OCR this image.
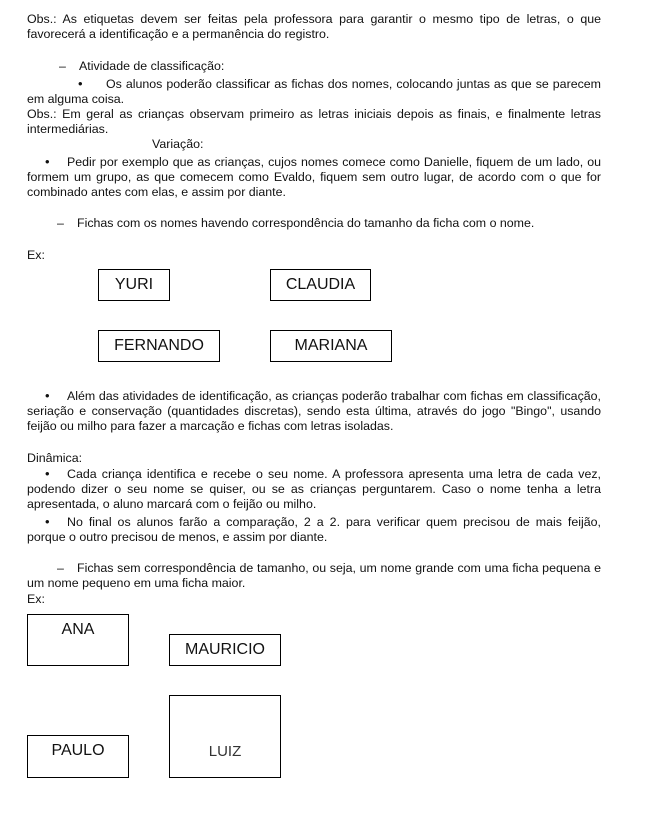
Obs.: As etiquetas devem ser feitas pela professora para garantir o mesmo tipo de letras, o que favorecerá a identificação e a permanência do registro.

– Atividade de classificação:
•	Os alunos poderão classificar as fichas dos nomes, colocando juntas as que se parecem em alguma coisa.

Obs.: Em geral as crianças observam primeiro as letras iniciais depois as finais, e finalmente letras intermediárias.

Variação:
•	Pedir por exemplo que as crianças, cujos nomes comece como Danielle, fiquem de um lado, ou formem um grupo, as que comecem como Evaldo, fiquem sem outro lugar, de acordo com o que for combinado antes com elas, e assim por diante.

– Fichas com os nomes havendo correspondência do tamanho da ficha com o nome.
Ex:
YURI	CLAUDIA
FERNANDO	MARIANA
•	Além das atividades de identificação, as crianças poderão trabalhar com fichas em classificação, seriação e conservação (quantidades discretas), sendo esta última, através do jogo "Bingo", usando feijão ou milho para fazer a marcação e fichas com letras isoladas.

Dinâmica:
•	Cada criança identifica e recebe o seu nome. A professora apresenta uma letra de cada vez, podendo dizer o seu nome se quiser, ou se as crianças perguntarem. Caso o nome tenha a letra apresentada, o aluno marcará com o feijão ou milho.

•	No final os alunos farão a comparação, 2 a 2. para verificar quem precisou de mais feijão, porque o outro precisou de menos, e assim por diante.

–	Fichas sem correspondência de tamanho, ou seja, um nome grande com uma ficha pequena e um nome pequeno em uma ficha maior.

Ex:
ANA
MAURICIO
LUIZ
PAULO
